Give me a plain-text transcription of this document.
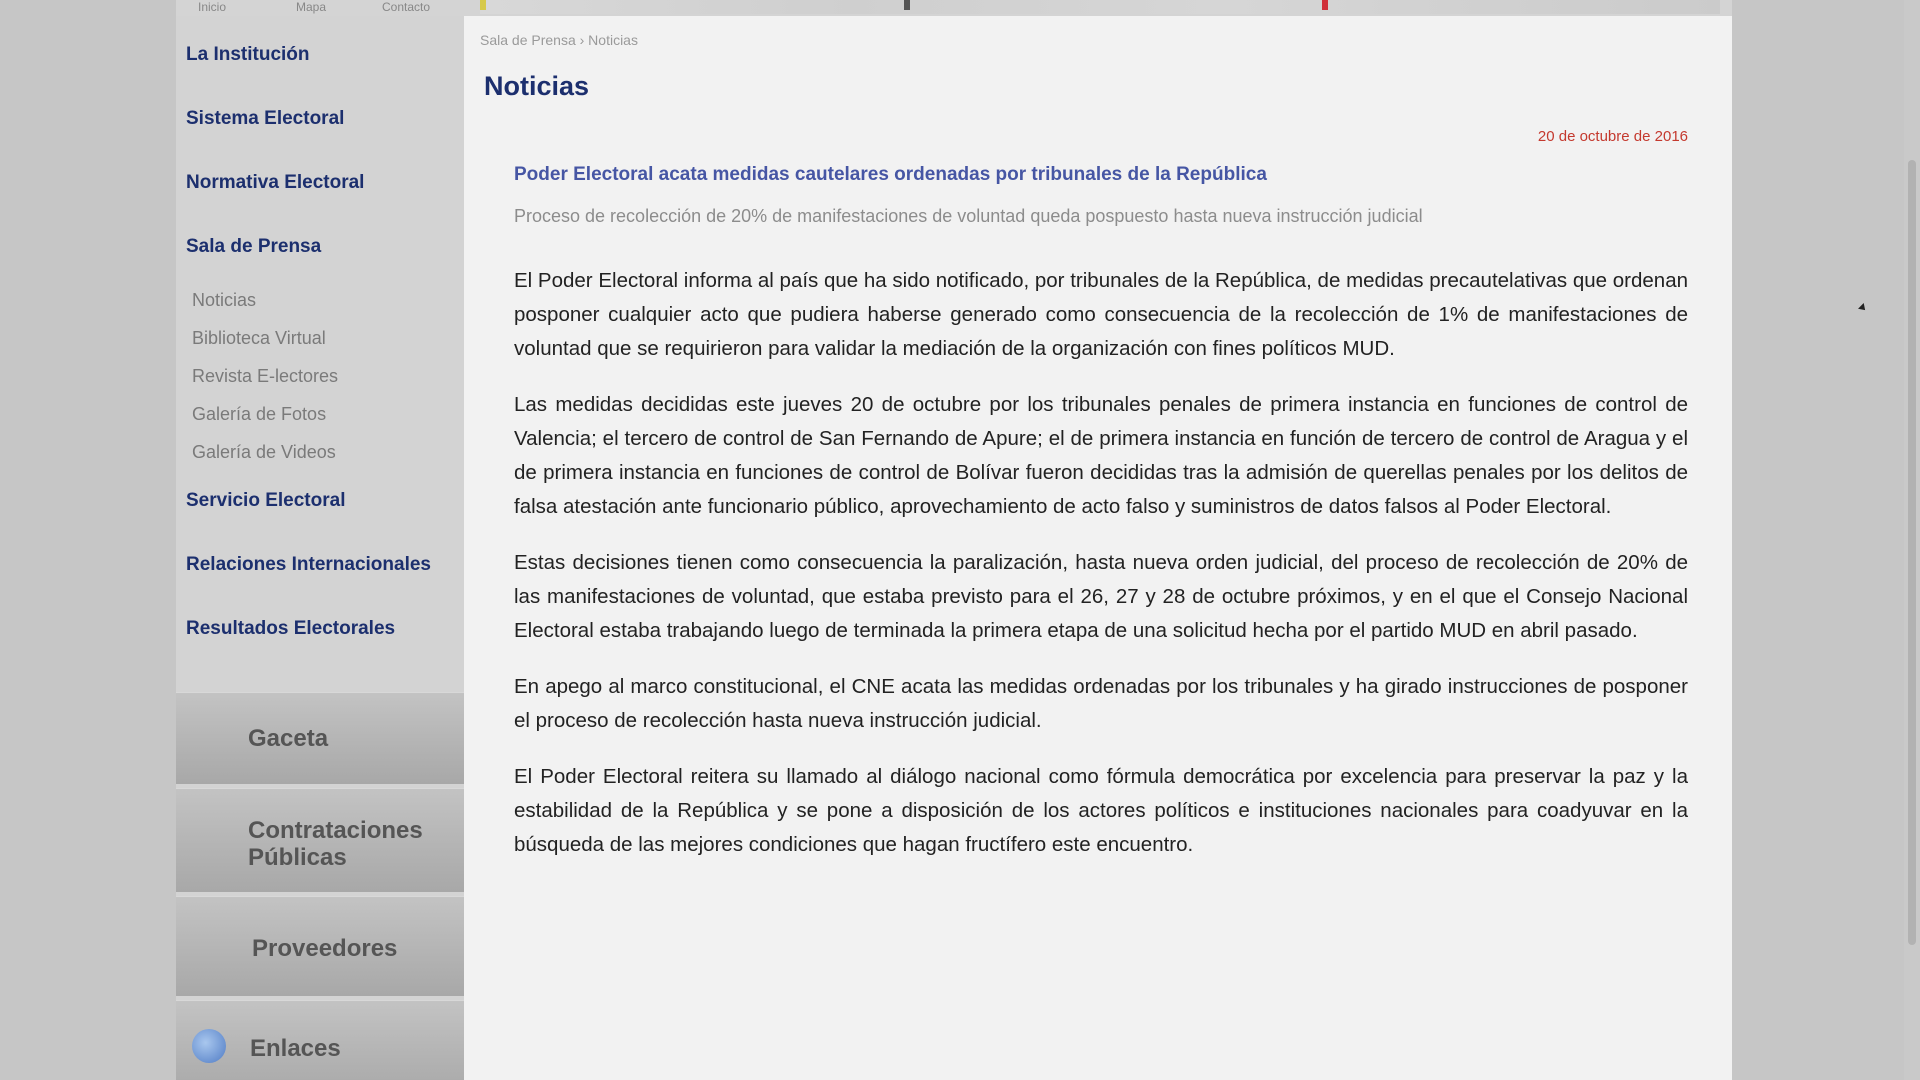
Inicio	Mapa	Contacto
La Institución
Sistema Electoral
Normativa Electoral
Sala de Prensa
Noticias
Biblioteca Virtual
Revista E-lectores
Galería de Fotos
Galería de Videos
Servicio Electoral
Relaciones Internacionales
Resultados Electorales
Gaceta
Contrataciones Públicas
Proveedores
Enlaces
Sala de Prensa › Noticias
Noticias
20 de octubre de 2016
Poder Electoral acata medidas cautelares ordenadas por tribunales de la República
Proceso de recolección de 20% de manifestaciones de voluntad queda pospuesto hasta nueva instrucción judicial

El Poder Electoral informa al país que ha sido notificado, por tribunales de la República, de medidas precautelativas que ordenan posponer cualquier acto que pudiera haberse generado como consecuencia de la recolección de 1% de manifestaciones de voluntad que se requirieron para validar la mediación de la organización con fines políticos MUD.

Las medidas decididas este jueves 20 de octubre por los tribunales penales de primera instancia en funciones de control de Valencia; el tercero de control de San Fernando de Apure; el de primera instancia en función de tercero de control de Aragua y el de primera instancia en funciones de control de Bolívar fueron decididas tras la admisión de querellas penales por los delitos de falsa atestación ante funcionario público, aprovechamiento de acto falso y suministros de datos falsos al Poder Electoral.

Estas decisiones tienen como consecuencia la paralización, hasta nueva orden judicial, del proceso de recolección de 20% de las manifestaciones de voluntad, que estaba previsto para el 26, 27 y 28 de octubre próximos, y en el que el Consejo Nacional Electoral estaba trabajando luego de terminada la primera etapa de una solicitud hecha por el partido MUD en abril pasado.

En apego al marco constitucional, el CNE acata las medidas ordenadas por los tribunales y ha girado instrucciones de posponer el proceso de recolección hasta nueva instrucción judicial.

El Poder Electoral reitera su llamado al diálogo nacional como fórmula democrática por excelencia para preservar la paz y la estabilidad de la República y se pone a disposición de los actores políticos e instituciones nacionales para coadyuvar en la búsqueda de las mejores condiciones que hagan fructífero este encuentro.
